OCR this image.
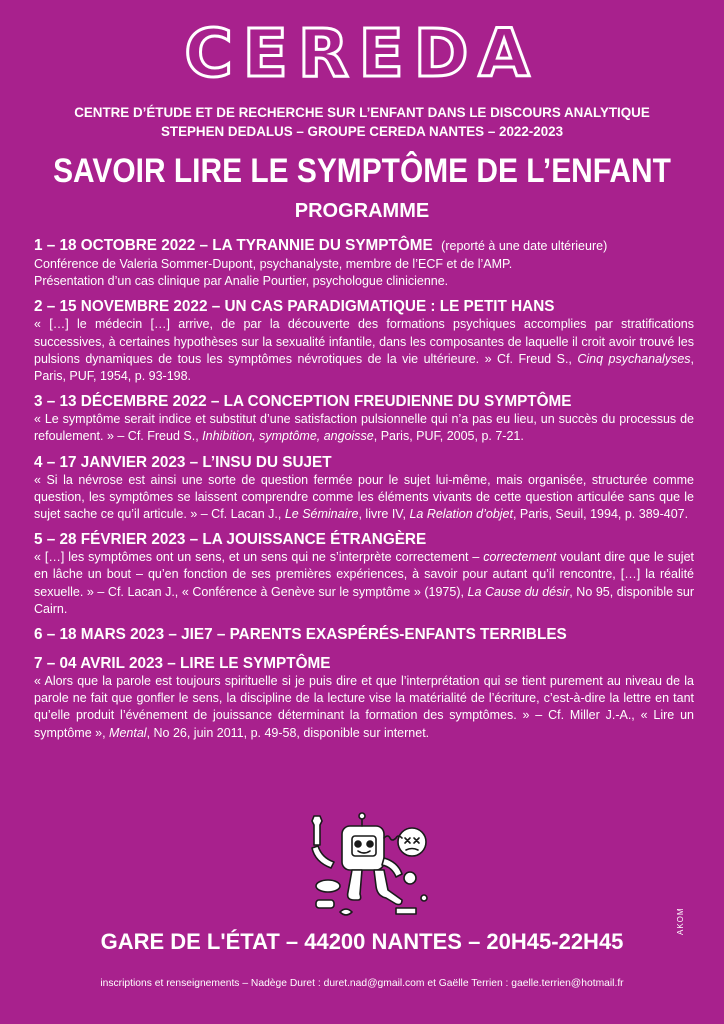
CEREDA
CENTRE D’ÉTUDE ET DE RECHERCHE SUR L’ENFANT DANS LE DISCOURS ANALYTIQUE
STEPHEN DEDALUS – GROUPE CEREDA NANTES – 2022-2023
SAVOIR LIRE LE SYMPTÔME DE L’ENFANT
PROGRAMME
1 – 18 OCTOBRE 2022 – LA TYRANNIE DU SYMPTÔME (reporté à une date ultérieure)
Conférence de Valeria Sommer-Dupont, psychanalyste, membre de l’ECF et de l’AMP.
Présentation d’un cas clinique par Analie Pourtier, psychologue clinicienne.
2 – 15 NOVEMBRE 2022 – UN CAS PARADIGMATIQUE : LE PETIT HANS
« […] le médecin […] arrive, de par la découverte des formations psychiques accomplies par stratifications successives, à certaines hypothèses sur la sexualité infantile, dans les composantes de laquelle il croit avoir trouvé les pulsions dynamiques de tous les symptômes névrotiques de la vie ultérieure. » Cf. Freud S., Cinq psychanalyses, Paris, PUF, 1954, p. 93-198.
3 – 13 DÉCEMBRE 2022 – LA CONCEPTION FREUDIENNE DU SYMPTÔME
« Le symptôme serait indice et substitut d’une satisfaction pulsionnelle qui n’a pas eu lieu, un succès du processus de refoulement. » – Cf. Freud S., Inhibition, symptôme, angoisse, Paris, PUF, 2005, p. 7-21.
4 – 17 JANVIER 2023 – L’INSU DU SUJET
« Si la névrose est ainsi une sorte de question fermée pour le sujet lui-même, mais organisée, structurée comme question, les symptômes se laissent comprendre comme les éléments vivants de cette question articulée sans que le sujet sache ce qu’il articule. » – Cf. Lacan J., Le Séminaire, livre IV, La Relation d’objet, Paris, Seuil, 1994, p. 389-407.
5 – 28 FÉVRIER 2023 – LA JOUISSANCE ÉTRANGÈRE
« […] les symptômes ont un sens, et un sens qui ne s’interprète correctement – correctement voulant dire que le sujet en lâche un bout – qu’en fonction de ses premières expériences, à savoir pour autant qu’il rencontre, […] la réalité sexuelle. » – Cf. Lacan J., « Conférence à Genève sur le symptôme » (1975), La Cause du désir, No 95, disponible sur Cairn.
6 – 18 MARS 2023 – JIE7 – PARENTS EXASPÉRÉS-ENFANTS TERRIBLES
7 – 04 AVRIL 2023 – LIRE LE SYMPTÔME
« Alors que la parole est toujours spirituelle si je puis dire et que l’interprétation qui se tient purement au niveau de la parole ne fait que gonfler le sens, la discipline de la lecture vise la matérialité de l’écriture, c’est-à-dire la lettre en tant qu’elle produit l’événement de jouissance déterminant la formation des symptômes. » – Cf. Miller J.-A., « Lire un symptôme », Mental, No 26, juin 2011, p. 49-58, disponible sur internet.
GARE DE L'ÉTAT – 44200 NANTES – 20H45-22H45
AKOM
inscriptions et renseignements – Nadège Duret : duret.nad@gmail.com et Gaëlle Terrien : gaelle.terrien@hotmail.fr
